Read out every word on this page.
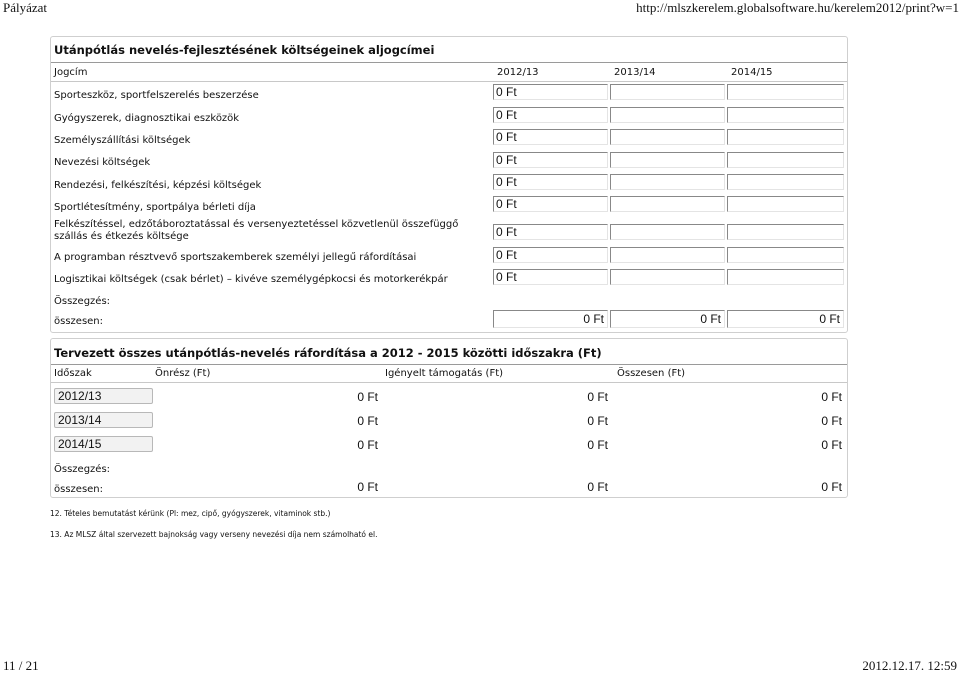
Pályázat	http://mlszkerelem.globalsoftware.hu/kerelem2012/print?w=1
Utánpótlás nevelés-fejlesztésének költségeinek aljogcímei
Jogcím	2012/13	2013/14	2014/15
Sporteszköz, sportfelszerelés beszerzése	0 Ft
Gyógyszerek, diagnosztikai eszközök	0 Ft
Személyszállítási költségek	0 Ft
Nevezési költségek	0 Ft
Rendezési, felkészítési, képzési költségek	0 Ft
Sportlétesítmény, sportpálya bérleti díja	0 Ft
Felkészítéssel, edzőtáboroztatással és versenyeztetéssel közvetlenül összefüggő szállás és étkezés költsége	0 Ft
A programban résztvevő sportszakemberek személyi jellegű ráfordításai	0 Ft
Logisztikai költségek (csak bérlet) – kivéve személygépkocsi és motorkerékpár	0 Ft
Összegzés:
összesen:	0 Ft	0 Ft	0 Ft
Tervezett összes utánpótlás-nevelés ráfordítása a 2012 - 2015 közötti időszakra (Ft)
Időszak	Önrész (Ft)	Igényelt támogatás (Ft)	Összesen (Ft)
2012/13	0 Ft	0 Ft	0 Ft
2013/14	0 Ft	0 Ft	0 Ft
2014/15	0 Ft	0 Ft	0 Ft
Összegzés:
összesen:	0 Ft	0 Ft	0 Ft
12. Tételes bemutatást kérünk (Pl: mez, cipő, gyógyszerek, vitaminok stb.)
13. Az MLSZ által szervezett bajnokság vagy verseny nevezési díja nem számolható el.
11 / 21	2012.12.17. 12:59
